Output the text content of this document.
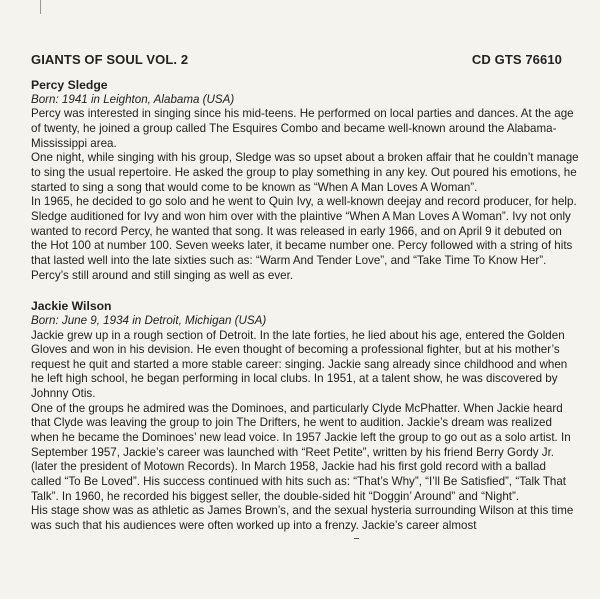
GIANTS OF SOUL VOL. 2	CD GTS 76610
Percy Sledge
Born: 1941 in Leighton, Alabama (USA)

Percy was interested in singing since his mid-teens. He performed on local parties and dances. At the age of twenty, he joined a group called The Esquires Combo and became well-known around the Alabama-Mississippi area.

One night, while singing with his group, Sledge was so upset about a broken affair that he couldn’t manage to sing the usual repertoire. He asked the group to play something in any key. Out poured his emotions, he started to sing a song that would come to be known as “When A Man Loves A Woman”.

In 1965, he decided to go solo and he went to Quin Ivy, a well-known deejay and record producer, for help. Sledge auditioned for Ivy and won him over with the plaintive “When A Man Loves A Woman”. Ivy not only wanted to record Percy, he wanted that song. It was released in early 1966, and on April 9 it debuted on the Hot 100 at number 100. Seven weeks later, it became number one. Percy followed with a string of hits that lasted well into the late sixties such as: “Warm And Tender Love”, and “Take Time To Know Her”.

Percy’s still around and still singing as well as ever.

Jackie Wilson
Born: June 9, 1934 in Detroit, Michigan (USA)

Jackie grew up in a rough section of Detroit. In the late forties, he lied about his age, entered the Golden Gloves and won in his devision. He even thought of becoming a professional fighter, but at his mother’s request he quit and started a more stable career: singing. Jackie sang already since childhood and when he left high school, he began performing in local clubs. In 1951, at a talent show, he was discovered by Johnny Otis.

One of the groups he admired was the Dominoes, and particularly Clyde McPhatter. When Jackie heard that Clyde was leaving the group to join The Drifters, he went to audition. Jackie’s dream was realized when he became the Dominoes’ new lead voice. In 1957 Jackie left the group to go out as a solo artist. In September 1957, Jackie’s career was launched with “Reet Petite”, written by his friend Berry Gordy Jr. (later the president of Motown Records). In March 1958, Jackie had his first gold record with a ballad called “To Be Loved”. His success continued with hits such as: “That’s Why”, “I’ll Be Satisfied”, “Talk That Talk”. In 1960, he recorded his biggest seller, the double-sided hit “Doggin’ Around” and “Night”.

His stage show was as athletic as James Brown’s, and the sexual hysteria surrounding Wilson at this time was such that his audiences were often worked up into a frenzy. Jackie’s career almost
